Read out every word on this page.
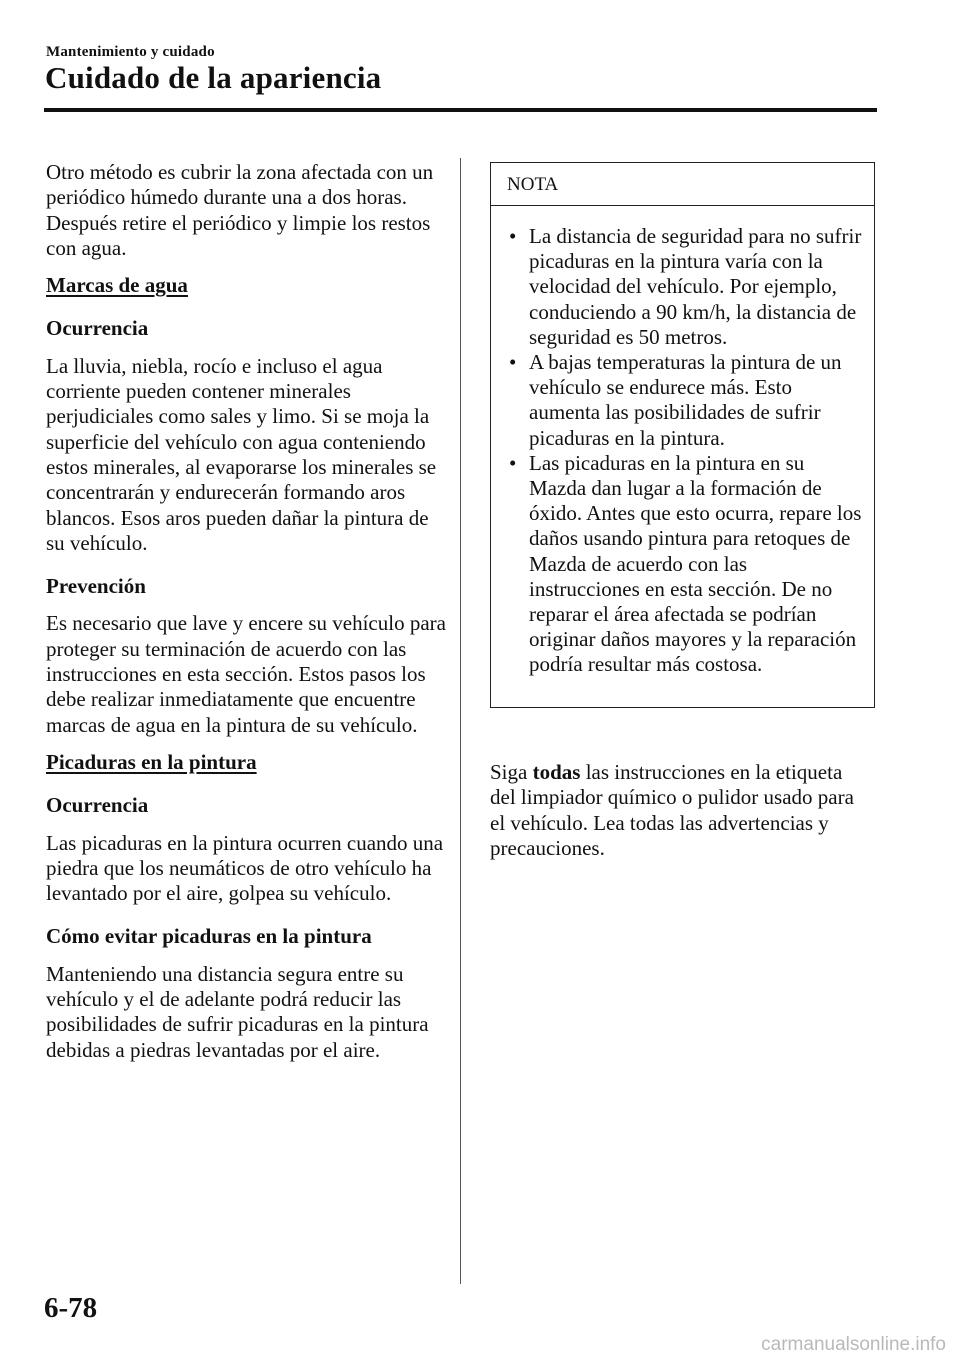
Mantenimiento y cuidado
Cuidado de la apariencia

Otro método es cubrir la zona afectada con un periódico húmedo durante una a dos horas. Después retire el periódico y limpie los restos con agua.

Marcas de agua

Ocurrencia

La lluvia, niebla, rocío e incluso el agua corriente pueden contener minerales perjudiciales como sales y limo. Si se moja la superficie del vehículo con agua conteniendo estos minerales, al evaporarse los minerales se concentrarán y endurecerán formando aros blancos. Esos aros pueden dañar la pintura de su vehículo.

Prevención

Es necesario que lave y encere su vehículo para proteger su terminación de acuerdo con las instrucciones en esta sección. Estos pasos los debe realizar inmediatamente que encuentre marcas de agua en la pintura de su vehículo.

Picaduras en la pintura

Ocurrencia

Las picaduras en la pintura ocurren cuando una piedra que los neumáticos de otro vehículo ha levantado por el aire, golpea su vehículo.

Cómo evitar picaduras en la pintura

Manteniendo una distancia segura entre su vehículo y el de adelante podrá reducir las posibilidades de sufrir picaduras en la pintura debidas a piedras levantadas por el aire.

NOTA
• La distancia de seguridad para no sufrir picaduras en la pintura varía con la velocidad del vehículo. Por ejemplo, conduciendo a 90 km/h, la distancia de seguridad es 50 metros.
• A bajas temperaturas la pintura de un vehículo se endurece más. Esto aumenta las posibilidades de sufrir picaduras en la pintura.
• Las picaduras en la pintura en su Mazda dan lugar a la formación de óxido. Antes que esto ocurra, repare los daños usando pintura para retoques de Mazda de acuerdo con las instrucciones en esta sección. De no reparar el área afectada se podrían originar daños mayores y la reparación podría resultar más costosa.

Siga todas las instrucciones en la etiqueta del limpiador químico o pulidor usado para el vehículo. Lea todas las advertencias y precauciones.

6-78
carmanualsonline.info
